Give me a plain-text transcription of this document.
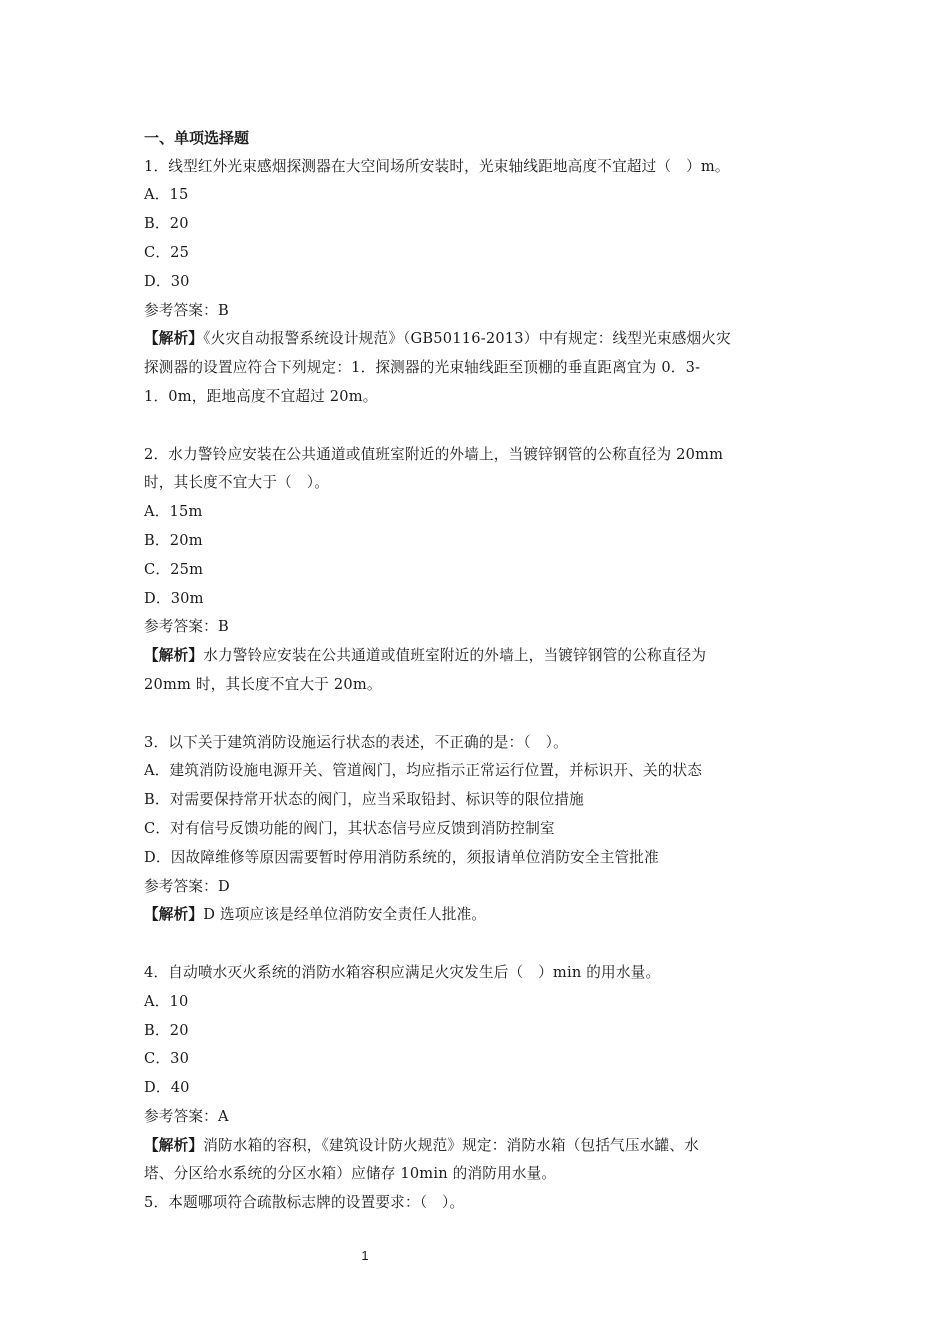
一、单项选择题
1．线型红外光束感烟探测器在大空间场所安装时，光束轴线距地高度不宜超过（　）m。
A．15
B．20
C．25
D．30
参考答案：B
【解析】《火灾自动报警系统设计规范》（GB50116-2013）中有规定：线型光束感烟火灾
探测器的设置应符合下列规定：1．探测器的光束轴线距至顶棚的垂直距离宜为 0．3-
1．0m，距地高度不宜超过 20m。
2．水力警铃应安装在公共通道或值班室附近的外墙上，当镀锌钢管的公称直径为 20mm
时，其长度不宜大于（　）。
A．15m
B．20m
C．25m
D．30m
参考答案：B
【解析】水力警铃应安装在公共通道或值班室附近的外墙上，当镀锌钢管的公称直径为
20mm 时，其长度不宜大于 20m。
3．以下关于建筑消防设施运行状态的表述，不正确的是：（　）。
A．建筑消防设施电源开关、管道阀门，均应指示正常运行位置，并标识开、关的状态
B．对需要保持常开状态的阀门，应当采取铅封、标识等的限位措施
C．对有信号反馈功能的阀门，其状态信号应反馈到消防控制室
D．因故障维修等原因需要暂时停用消防系统的，须报请单位消防安全主管批准
参考答案：D
【解析】D 选项应该是经单位消防安全责任人批准。
4．自动喷水灭火系统的消防水箱容积应满足火灾发生后（　）min 的用水量。
A．10
B．20
C．30
D．40
参考答案：A
【解析】消防水箱的容积，《建筑设计防火规范》规定：消防水箱（包括气压水罐、水
塔、分区给水系统的分区水箱）应储存 10min 的消防用水量。
5．本题哪项符合疏散标志牌的设置要求：（　）。
1
